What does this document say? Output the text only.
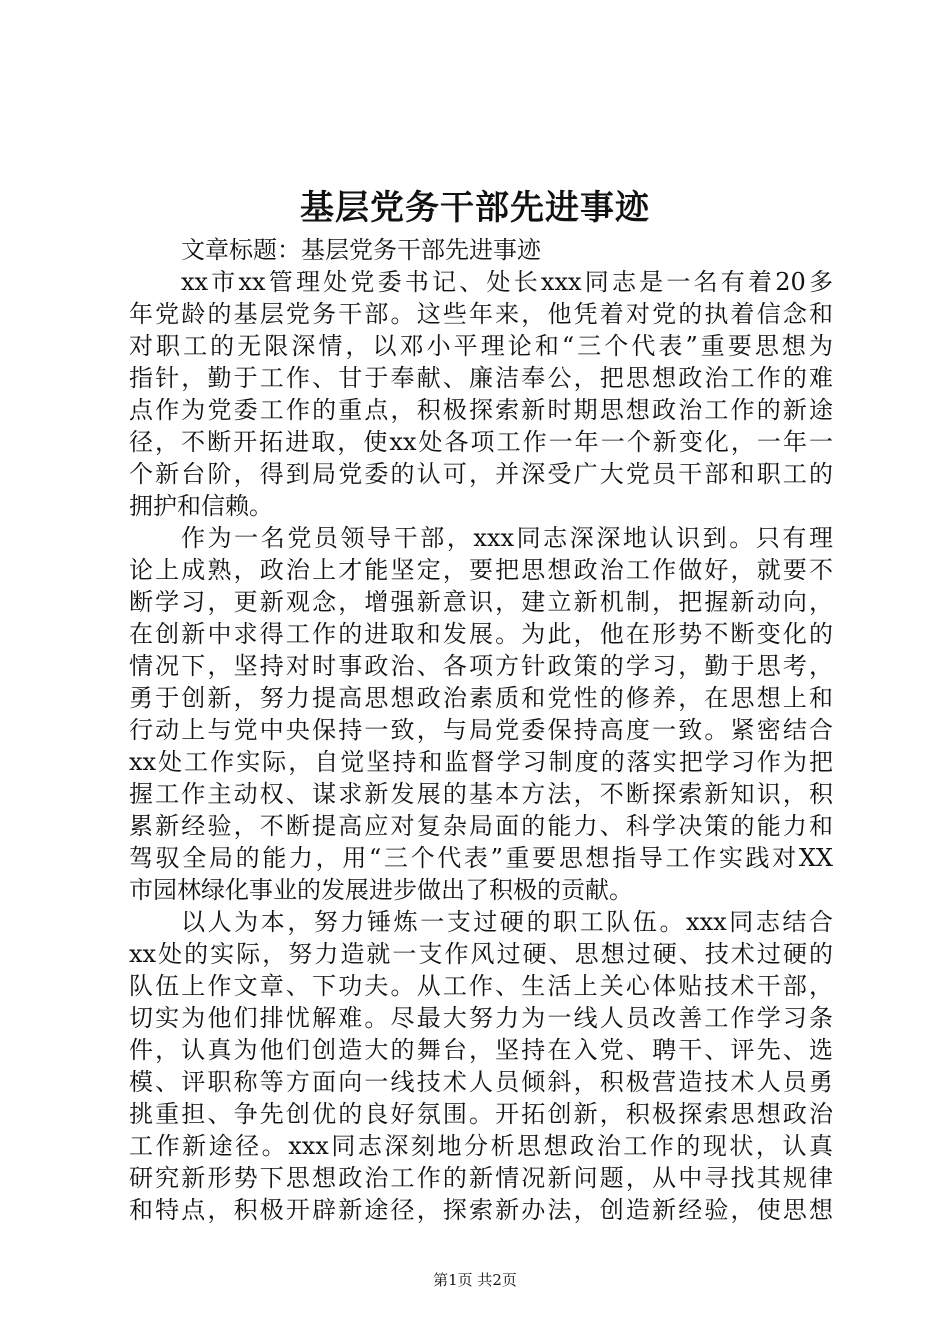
基层党务干部先进事迹
文章标题：基层党务干部先进事迹
xx市xx管理处党委书记、处长xxx同志是一名有着20多
年党龄的基层党务干部。这些年来，他凭着对党的执着信念和
对职工的无限深情，以邓小平理论和“三个代表”重要思想为
指针，勤于工作、甘于奉献、廉洁奉公，把思想政治工作的难
点作为党委工作的重点，积极探索新时期思想政治工作的新途
径，不断开拓进取，使xx处各项工作一年一个新变化，一年一
个新台阶，得到局党委的认可，并深受广大党员干部和职工的
拥护和信赖。
作为一名党员领导干部，xxx同志深深地认识到。只有理
论上成熟，政治上才能坚定，要把思想政治工作做好，就要不
断学习，更新观念，增强新意识，建立新机制，把握新动向，
在创新中求得工作的进取和发展。为此，他在形势不断变化的
情况下，坚持对时事政治、各项方针政策的学习，勤于思考，
勇于创新，努力提高思想政治素质和党性的修养，在思想上和
行动上与党中央保持一致，与局党委保持高度一致。紧密结合
xx处工作实际，自觉坚持和监督学习制度的落实把学习作为把
握工作主动权、谋求新发展的基本方法，不断探索新知识，积
累新经验，不断提高应对复杂局面的能力、科学决策的能力和
驾驭全局的能力，用“三个代表”重要思想指导工作实践对XX
市园林绿化事业的发展进步做出了积极的贡献。
以人为本，努力锤炼一支过硬的职工队伍。xxx同志结合
xx处的实际，努力造就一支作风过硬、思想过硬、技术过硬的
队伍上作文章、下功夫。从工作、生活上关心体贴技术干部，
切实为他们排忧解难。尽最大努力为一线人员改善工作学习条
件，认真为他们创造大的舞台，坚持在入党、聘干、评先、选
模、评职称等方面向一线技术人员倾斜，积极营造技术人员勇
挑重担、争先创优的良好氛围。开拓创新，积极探索思想政治
工作新途径。xxx同志深刻地分析思想政治工作的现状，认真
研究新形势下思想政治工作的新情况新问题，从中寻找其规律
和特点，积极开辟新途径，探索新办法，创造新经验，使思想
第1页 共2页
